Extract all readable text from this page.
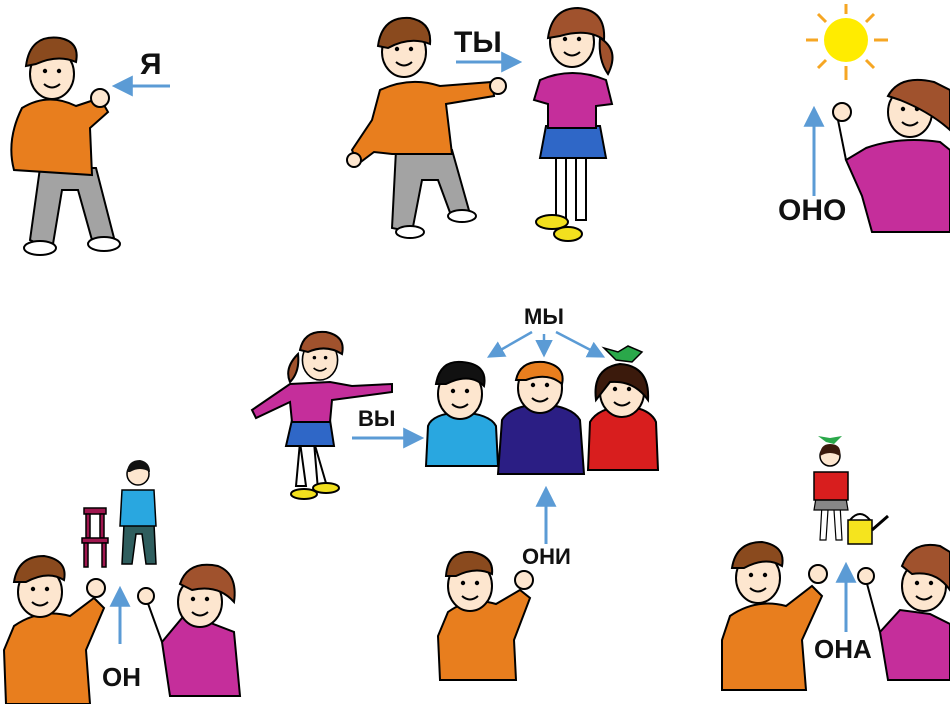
Я
ТЫ
ОНО
МЫ
ВЫ
ОНИ
ОН
ОНА
